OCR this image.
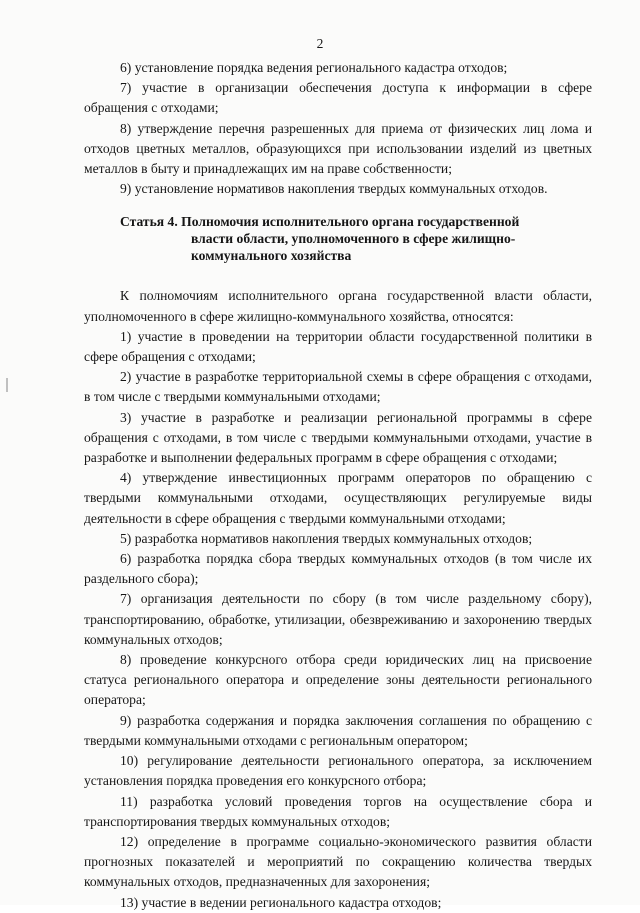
2

6) установление порядка ведения регионального кадастра отходов;

7) участие в организации обеспечения доступа к информации в сфере обращения с отходами;

8) утверждение перечня разрешенных для приема от физических лиц лома и отходов цветных металлов, образующихся при использовании изделий из цветных металлов в быту и принадлежащих им на праве собственности;

9) установление нормативов накопления твердых коммунальных отходов.

Статья 4. Полномочия исполнительного органа государственной
власти области, уполномоченного в сфере жилищно-
коммунального хозяйства

К полномочиям исполнительного органа государственной власти области, уполномоченного в сфере жилищно-коммунального хозяйства, относятся:

1) участие в проведении на территории области государственной политики в сфере обращения с отходами;

2) участие в разработке территориальной схемы в сфере обращения с отходами, в том числе с твердыми коммунальными отходами;

3) участие в разработке и реализации региональной программы в сфере обращения с отходами, в том числе с твердыми коммунальными отходами, участие в разработке и выполнении федеральных программ в сфере обращения с отходами;

4) утверждение инвестиционных программ операторов по обращению с твердыми коммунальными отходами, осуществляющих регулируемые виды деятельности в сфере обращения с твердыми коммунальными отходами;

5) разработка нормативов накопления твердых коммунальных отходов;

6) разработка порядка сбора твердых коммунальных отходов (в том числе их раздельного сбора);

7) организация деятельности по сбору (в том числе раздельному сбору), транспортированию, обработке, утилизации, обезвреживанию и захоронению твердых коммунальных отходов;

8) проведение конкурсного отбора среди юридических лиц на присвоение статуса регионального оператора и определение зоны деятельности регионального оператора;

9) разработка содержания и порядка заключения соглашения по обращению с твердыми коммунальными отходами с региональным оператором;

10) регулирование деятельности регионального оператора, за исключением установления порядка проведения его конкурсного отбора;

11) разработка условий проведения торгов на осуществление сбора и транспортирования твердых коммунальных отходов;

12) определение в программе социально-экономического развития области прогнозных показателей и мероприятий по сокращению количества твердых коммунальных отходов, предназначенных для захоронения;

13) участие в ведении регионального кадастра отходов;
